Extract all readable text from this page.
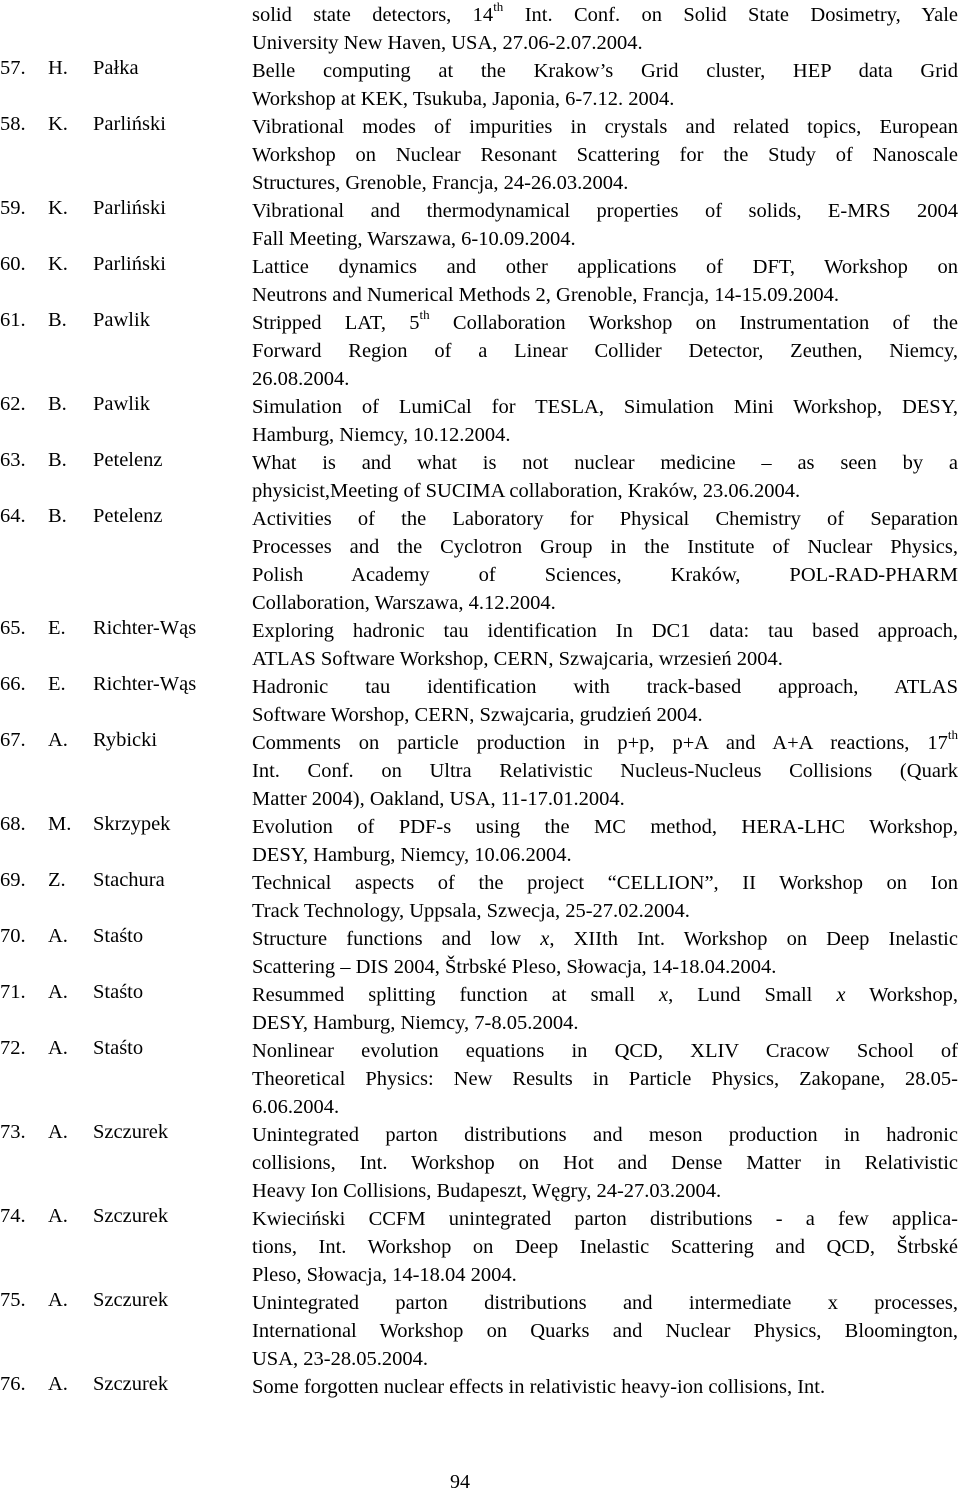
solid state detectors, 14th Int. Conf. on Solid State Dosimetry, Yale
University New Haven, USA, 27.06-2.07.2004.
57. H. Pałka	Belle computing at the Krakow’s Grid cluster, HEP data Grid
Workshop at KEK, Tsukuba, Japonia, 6-7.12. 2004.
58. K. Parliński	Vibrational modes of impurities in crystals and related topics, European
Workshop on Nuclear Resonant Scattering for the Study of Nanoscale
Structures, Grenoble, Francja, 24-26.03.2004.
59. K. Parliński	Vibrational and thermodynamical properties of solids, E-MRS 2004
Fall Meeting, Warszawa, 6-10.09.2004.
60. K. Parliński	Lattice dynamics and other applications of DFT, Workshop on
Neutrons and Numerical Methods 2, Grenoble, Francja, 14-15.09.2004.
61. B. Pawlik	Stripped LAT, 5th Collaboration Workshop on Instrumentation of the
Forward Region of a Linear Collider Detector, Zeuthen, Niemcy,
26.08.2004.
62. B. Pawlik	Simulation of LumiCal for TESLA, Simulation Mini Workshop, DESY,
Hamburg, Niemcy, 10.12.2004.
63. B. Petelenz	What is and what is not nuclear medicine – as seen by a
physicist,Meeting of SUCIMA collaboration, Kraków, 23.06.2004.
64. B. Petelenz	Activities of the Laboratory for Physical Chemistry of Separation
Processes and the Cyclotron Group in the Institute of Nuclear Physics,
Polish Academy of Sciences, Kraków, POL-RAD-PHARM
Collaboration, Warszawa, 4.12.2004.
65. E. Richter-Wąs	Exploring hadronic tau identification In DC1 data: tau based approach,
ATLAS Software Workshop, CERN, Szwajcaria, wrzesień 2004.
66. E. Richter-Wąs	Hadronic tau identification with track-based approach, ATLAS
Software Worshop, CERN, Szwajcaria, grudzień 2004.
67. A. Rybicki	Comments on particle production in p+p, p+A and A+A reactions, 17th
Int. Conf. on Ultra Relativistic Nucleus-Nucleus Collisions (Quark
Matter 2004), Oakland, USA, 11-17.01.2004.
68. M. Skrzypek	Evolution of PDF-s using the MC method, HERA-LHC Workshop,
DESY, Hamburg, Niemcy, 10.06.2004.
69. Z. Stachura	Technical aspects of the project “CELLION”, II Workshop on Ion
Track Technology, Uppsala, Szwecja, 25-27.02.2004.
70. A. Staśto	Structure functions and low x, XIIth Int. Workshop on Deep Inelastic
Scattering – DIS 2004, Štrbské Pleso, Słowacja, 14-18.04.2004.
71. A. Staśto	Resummed splitting function at small x, Lund Small x Workshop,
DESY, Hamburg, Niemcy, 7-8.05.2004.
72. A. Staśto	Nonlinear evolution equations in QCD, XLIV Cracow School of
Theoretical Physics: New Results in Particle Physics, Zakopane, 28.05-
6.06.2004.
73. A. Szczurek	Unintegrated parton distributions and meson production in hadronic
collisions, Int. Workshop on Hot and Dense Matter in Relativistic
Heavy Ion Collisions, Budapeszt, Węgry, 24-27.03.2004.
74. A. Szczurek	Kwieciński CCFM unintegrated parton distributions - a few applica-
tions, Int. Workshop on Deep Inelastic Scattering and QCD, Štrbské
Pleso, Słowacja, 14-18.04 2004.
75. A. Szczurek	Unintegrated parton distributions and intermediate x processes,
International Workshop on Quarks and Nuclear Physics, Bloomington,
USA, 23-28.05.2004.
76. A. Szczurek	Some forgotten nuclear effects in relativistic heavy-ion collisions, Int.
94
